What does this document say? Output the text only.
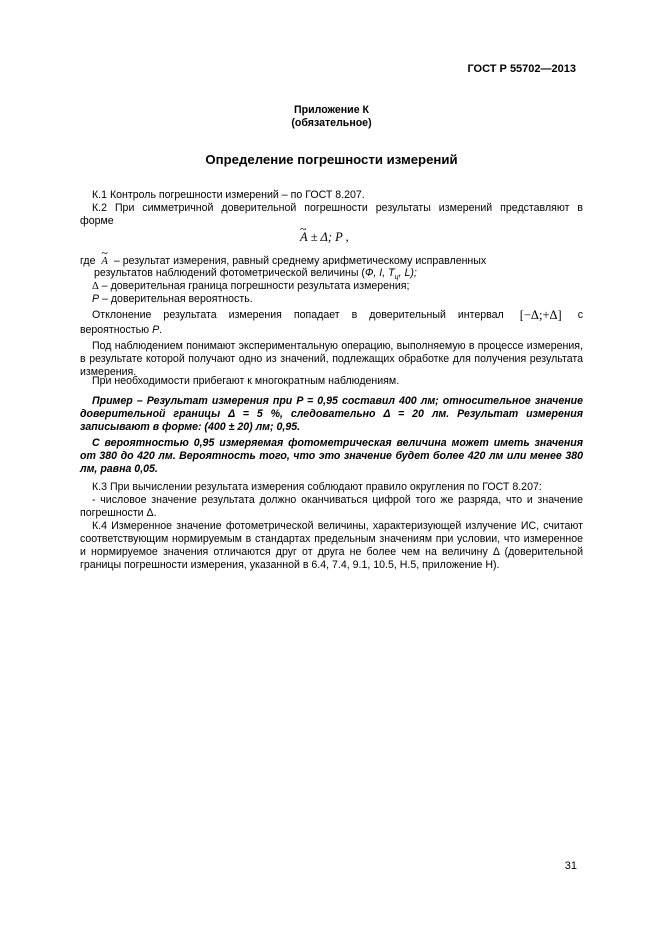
ГОСТ Р 55702—2013
Приложение К
(обязательное)
Определение погрешности измерений

К.1 Контроль погрешности измерений – по ГОСТ 8.207.

К.2 При симметричной доверительной погрешности результаты измерений представляют в

форме

~ A ± Δ; P ,
где ~ A – результат измерения, равный среднему арифметическому исправленных
результатов наблюдений фотометрической величины (Ф, I, $T_ц$, L);
Δ – доверительная граница погрешности результата измерения;
P – доверительная вероятность.
Отклонение результата измерения попадает в доверительный интервал [−Δ;+Δ] с
вероятностью P.

Под наблюдением понимают экспериментальную операцию, выполняемую в процессе измерения, в результате которой получают одно из значений, подлежащих обработке для получения результата измерения.

При необходимости прибегают к многократным наблюдениям.

Пример – Результат измерения при P = 0,95 составил 400 лм; относительное значение доверительной границы Δ = 5 %, следовательно Δ = 20 лм. Результат измерения записывают в форме: (400 ± 20) лм; 0,95.

С вероятностью 0,95 измеряемая фотометрическая величина может иметь значения от 380 до 420 лм. Вероятность того, что это значение будет более 420 лм или менее 380 лм, равна 0,05.

К.3 При вычислении результата измерения соблюдают правило округления по ГОСТ 8.207:

- числовое значение результата должно оканчиваться цифрой того же разряда, что и значение погрешности Δ.

К.4 Измеренное значение фотометрической величины, характеризующей излучение ИС, считают соответствующим нормируемым в стандартах предельным значениям при условии, что измеренное и нормируемое значения отличаются друг от друга не более чем на величину Δ (доверительной границы погрешности измерения, указанной в 6.4, 7.4, 9.1, 10.5, Н.5, приложение Н).

31
